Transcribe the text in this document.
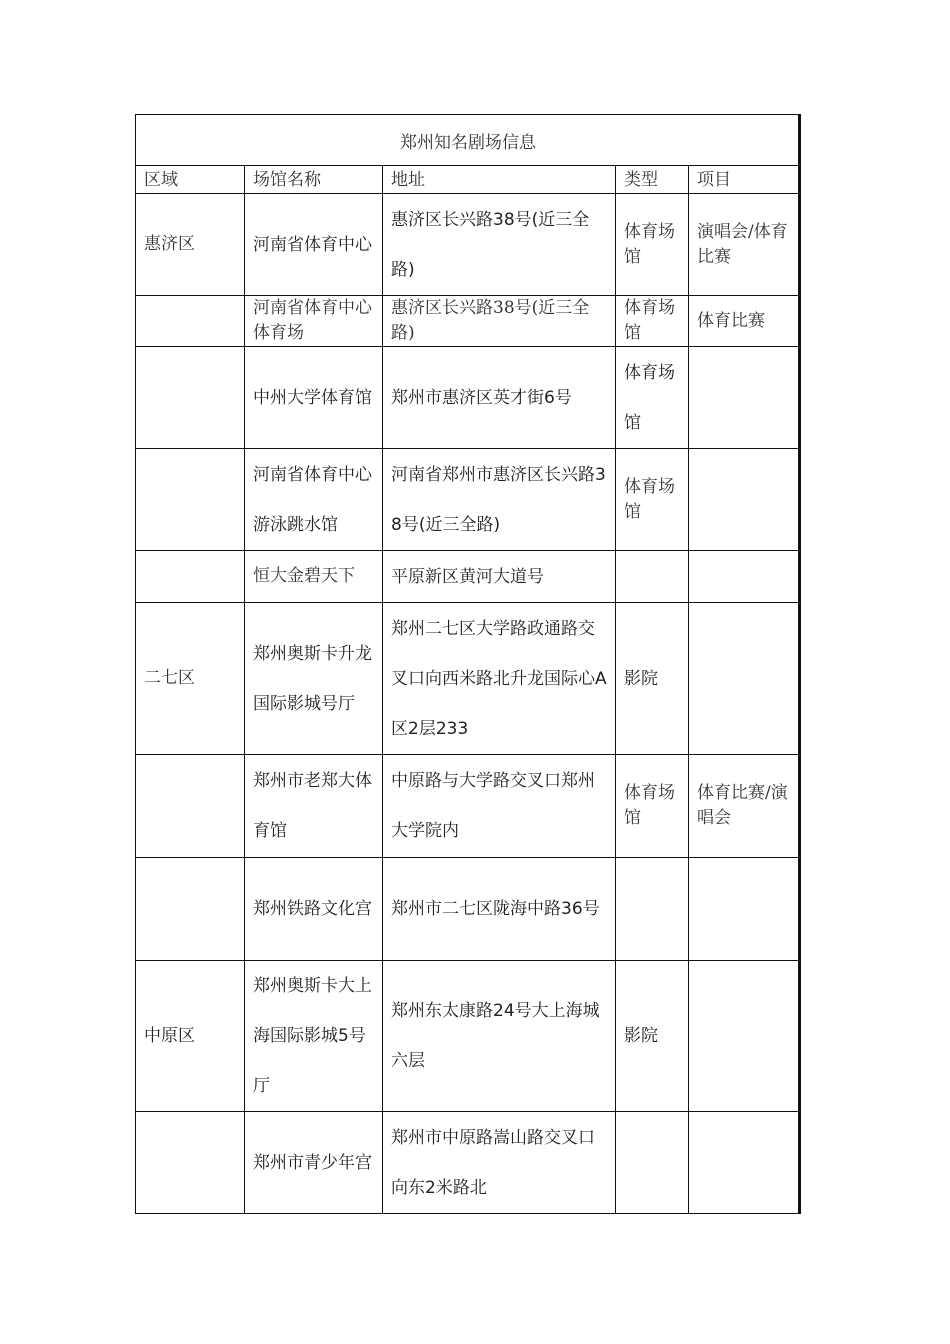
郑州知名剧场信息				
区域	场馆名称	地址	类型	项目
惠济区	河南省体育中心	惠济区长兴路38号(近三全路)	体育场馆	演唱会/体育比赛
	河南省体育中心体育场	惠济区长兴路38号(近三全路)	体育场馆	体育比赛
	中州大学体育馆	郑州市惠济区英才街6号	体育场馆	
	河南省体育中心游泳跳水馆	河南省郑州市惠济区长兴路38号(近三全路)	体育场馆	
	恒大金碧天下	平原新区黄河大道号		
二七区	郑州奥斯卡升龙国际影城号厅	郑州二七区大学路政通路交叉口向西米路北升龙国际心A 区2层233	影院	
	郑州市老郑大体育馆	中原路与大学路交叉口郑州大学院内	体育场馆	体育比赛/演唱会
	郑州铁路文化宫	郑州市二七区陇海中路36号		
中原区	郑州奥斯卡大上海国际影城5号厅	郑州东太康路24号大上海城六层	影院	
	郑州市青少年宫	郑州市中原路嵩山路交叉口向东2米路北		
